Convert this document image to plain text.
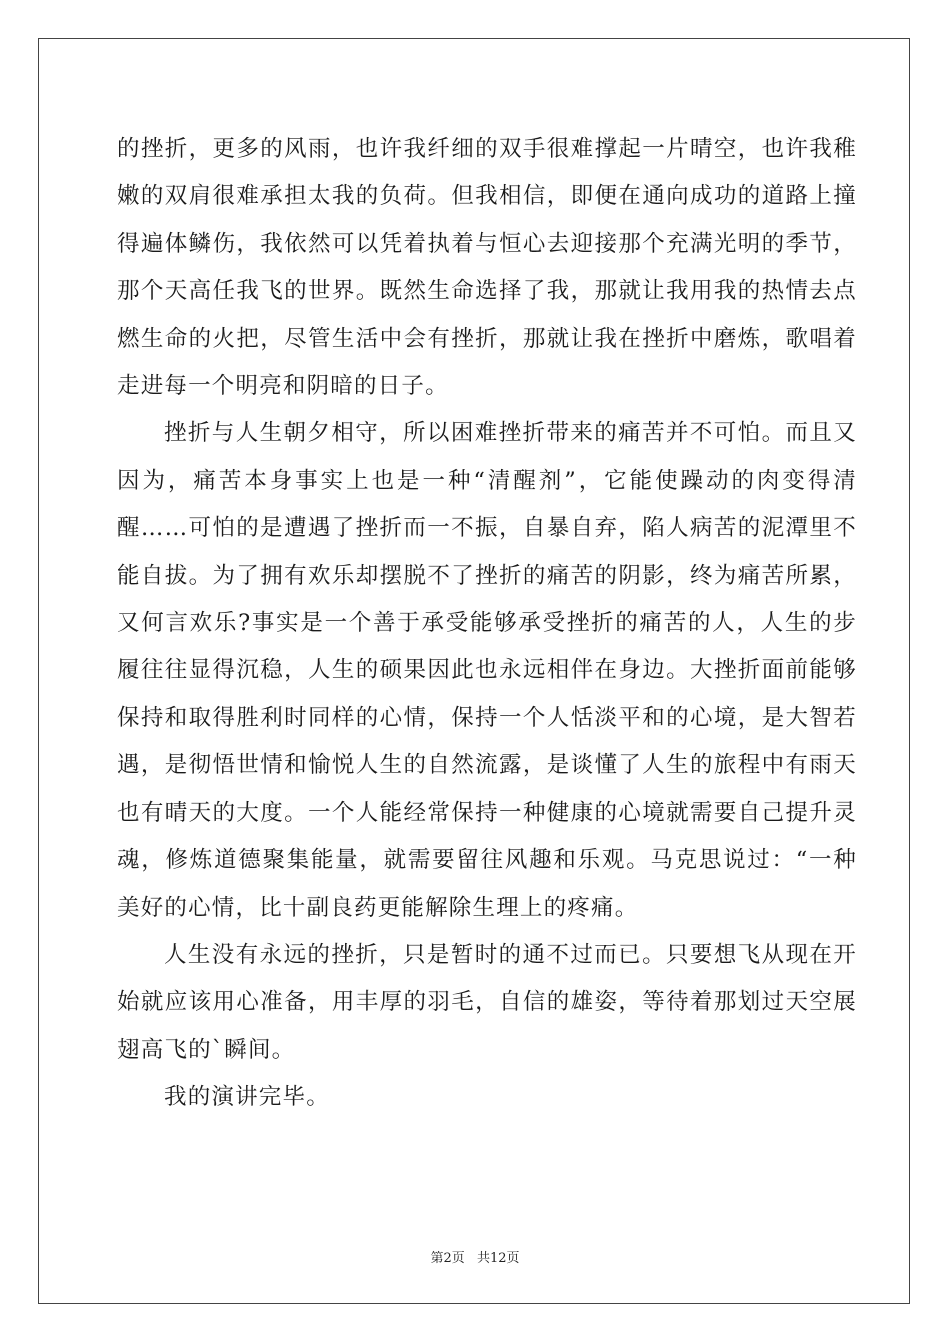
的挫折，更多的风雨，也许我纤细的双手很难撑起一片晴空，也许我稚嫩的双肩很难承担太我的负荷。但我相信，即便在通向成功的道路上撞得遍体鳞伤，我依然可以凭着执着与恒心去迎接那个充满光明的季节，那个天高任我飞的世界。既然生命选择了我，那就让我用我的热情去点燃生命的火把，尽管生活中会有挫折，那就让我在挫折中磨炼，歌唱着走进每一个明亮和阴暗的日子。

挫折与人生朝夕相守，所以困难挫折带来的痛苦并不可怕。而且又因为，痛苦本身事实上也是一种“清醒剂”，它能使躁动的肉变得清醒……可怕的是遭遇了挫折而一不振，自暴自弃，陷人病苦的泥潭里不能自拔。为了拥有欢乐却摆脱不了挫折的痛苦的阴影，终为痛苦所累，又何言欢乐?事实是一个善于承受能够承受挫折的痛苦的人，人生的步履往往显得沉稳，人生的硕果因此也永远相伴在身边。大挫折面前能够保持和取得胜利时同样的心情，保持一个人恬淡平和的心境，是大智若遇，是彻悟世情和愉悦人生的自然流露，是谈懂了人生的旅程中有雨天也有晴天的大度。一个人能经常保持一种健康的心境就需要自己提升灵魂，修炼道德聚集能量，就需要留往风趣和乐观。马克思说过：“一种美好的心情，比十副良药更能解除生理上的疼痛。

人生没有永远的挫折，只是暂时的通不过而已。只要想飞从现在开始就应该用心准备，用丰厚的羽毛，自信的雄姿，等待着那划过天空展翅高飞的`瞬间。

我的演讲完毕。

第2页 共12页
